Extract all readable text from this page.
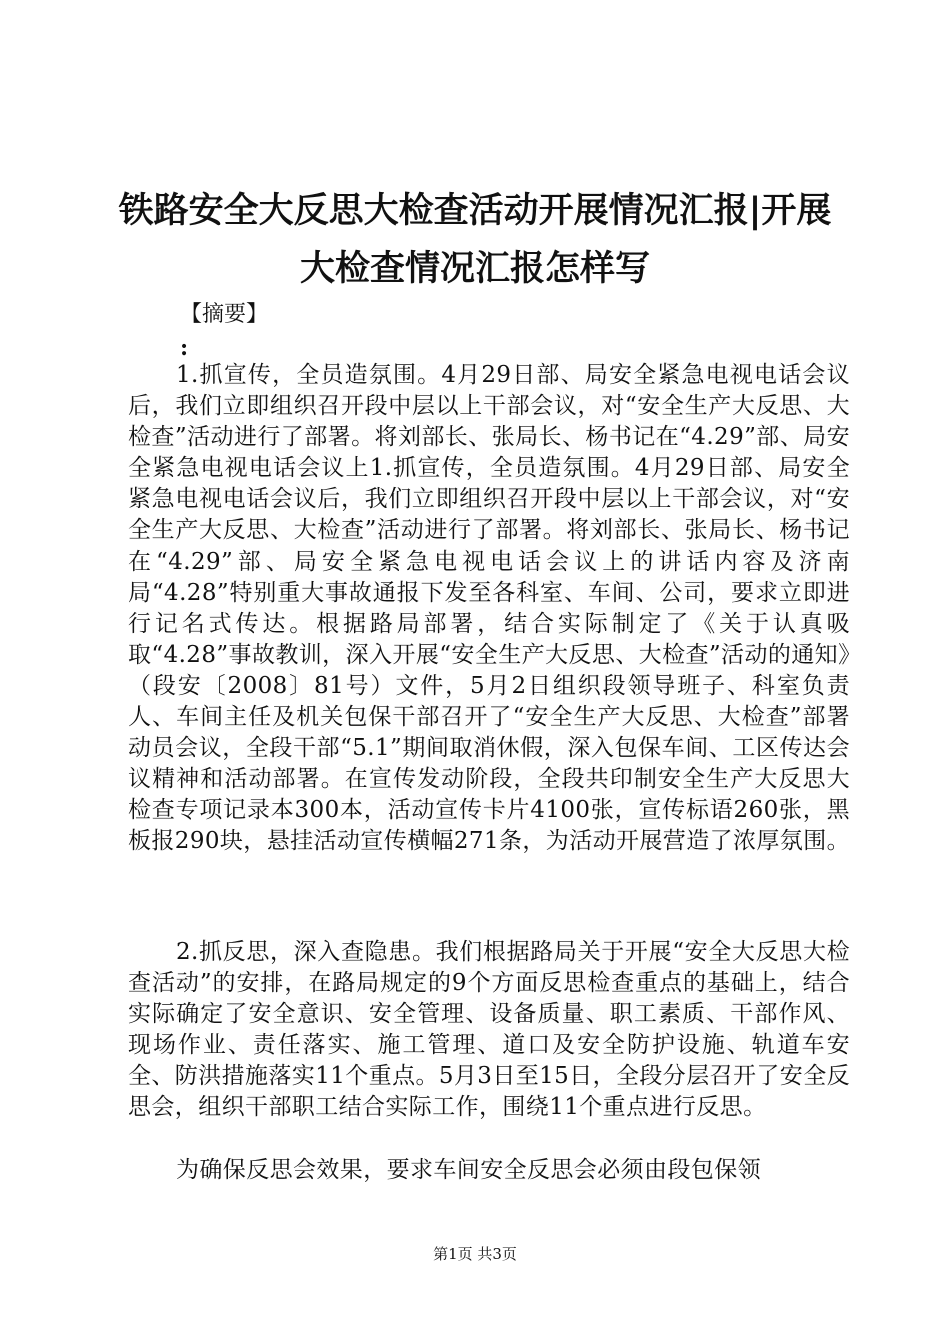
铁路安全大反思大检查活动开展情况汇报|开展大检查情况汇报怎样写
【摘要】
:

1.抓宣传，全员造氛围。4月29日部、局安全紧急电视电话会议后，我们立即组织召开段中层以上干部会议，对“安全生产大反思、大检查”活动进行了部署。将刘部长、张局长、杨书记在“4.29”部、局安全紧急电视电话会议上1.抓宣传，全员造氛围。4月29日部、局安全紧急电视电话会议后，我们立即组织召开段中层以上干部会议，对“安全生产大反思、大检查”活动进行了部署。将刘部长、张局长、杨书记在“4.29”部、局安全紧急电视电话会议上的讲话内容及济南局“4.28”特别重大事故通报下发至各科室、车间、公司，要求立即进行记名式传达。根据路局部署，结合实际制定了《关于认真吸取“4.28”事故教训，深入开展“安全生产大反思、大检查”活动的通知》（段安〔2008〕81号）文件，5月2日组织段领导班子、科室负责人、车间主任及机关包保干部召开了“安全生产大反思、大检查”部署动员会议，全段干部“5.1”期间取消休假，深入包保车间、工区传达会议精神和活动部署。在宣传发动阶段，全段共印制安全生产大反思大检查专项记录本300本，活动宣传卡片4100张，宣传标语260张，黑板报290块，悬挂活动宣传横幅271条，为活动开展营造了浓厚氛围。

2.抓反思，深入查隐患。我们根据路局关于开展“安全大反思大检查活动”的安排，在路局规定的9个方面反思检查重点的基础上，结合实际确定了安全意识、安全管理、设备质量、职工素质、干部作风、现场作业、责任落实、施工管理、道口及安全防护设施、轨道车安全、防洪措施落实11个重点。5月3日至15日，全段分层召开了安全反思会，组织干部职工结合实际工作，围绕11个重点进行反思。

为确保反思会效果，要求车间安全反思会必须由段包保领

第1页 共3页
